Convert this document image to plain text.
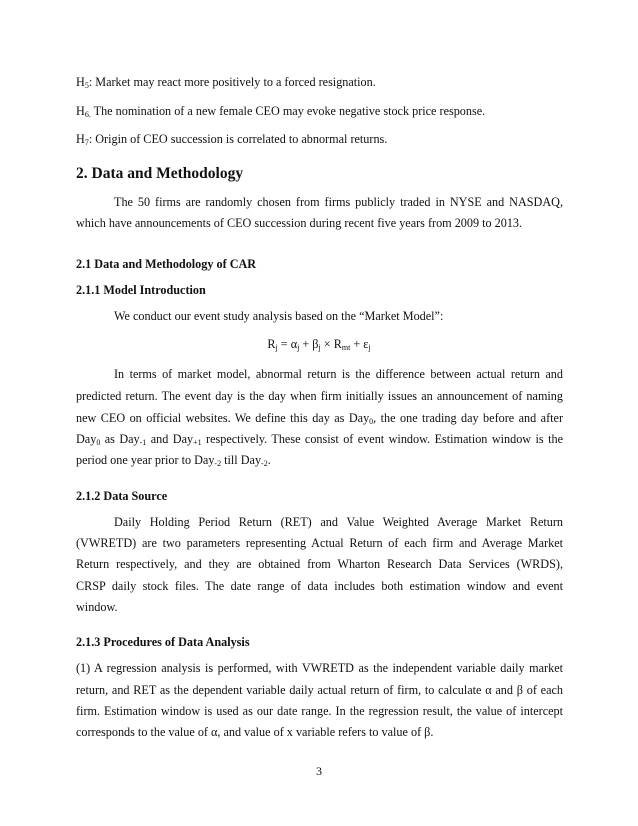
$H_5$: Market may react more positively to a forced resignation.
$H_{6.}$ The nomination of a new female CEO may evoke negative stock price response.
$H_7$: Origin of CEO succession is correlated to abnormal returns.
2. Data and Methodology
The 50 firms are randomly chosen from firms publicly traded in NYSE and NASDAQ,
which have announcements of CEO succession during recent five years from 2009 to 2013.
2.1 Data and Methodology of CAR
2.1.1 Model Introduction
We conduct our event study analysis based on the “Market Model”:
$R_j = \alpha_j + \beta_j \times R_{mt} + \varepsilon_j$
In terms of market model, abnormal return is the difference between actual return and
predicted return. The event day is the day when firm initially issues an announcement of naming
new CEO on official websites. We define this day as Day$_0$, the one trading day before and after
Day$_0$ as Day$_{-1}$ and Day$_{+1}$ respectively. These consist of event window. Estimation window is the
period one year prior to Day$_{-2}$ till Day$_{-2}$.
2.1.2 Data Source
Daily Holding Period Return (RET) and Value Weighted Average Market Return
(VWRETD) are two parameters representing Actual Return of each firm and Average Market
Return respectively, and they are obtained from Wharton Research Data Services (WRDS),
CRSP daily stock files. The date range of data includes both estimation window and event
window.
2.1.3 Procedures of Data Analysis
(1) A regression analysis is performed, with VWRETD as the independent variable daily market
return, and RET as the dependent variable daily actual return of firm, to calculate α and β of each
firm. Estimation window is used as our date range. In the regression result, the value of intercept
corresponds to the value of α, and value of x variable refers to value of β.
3
